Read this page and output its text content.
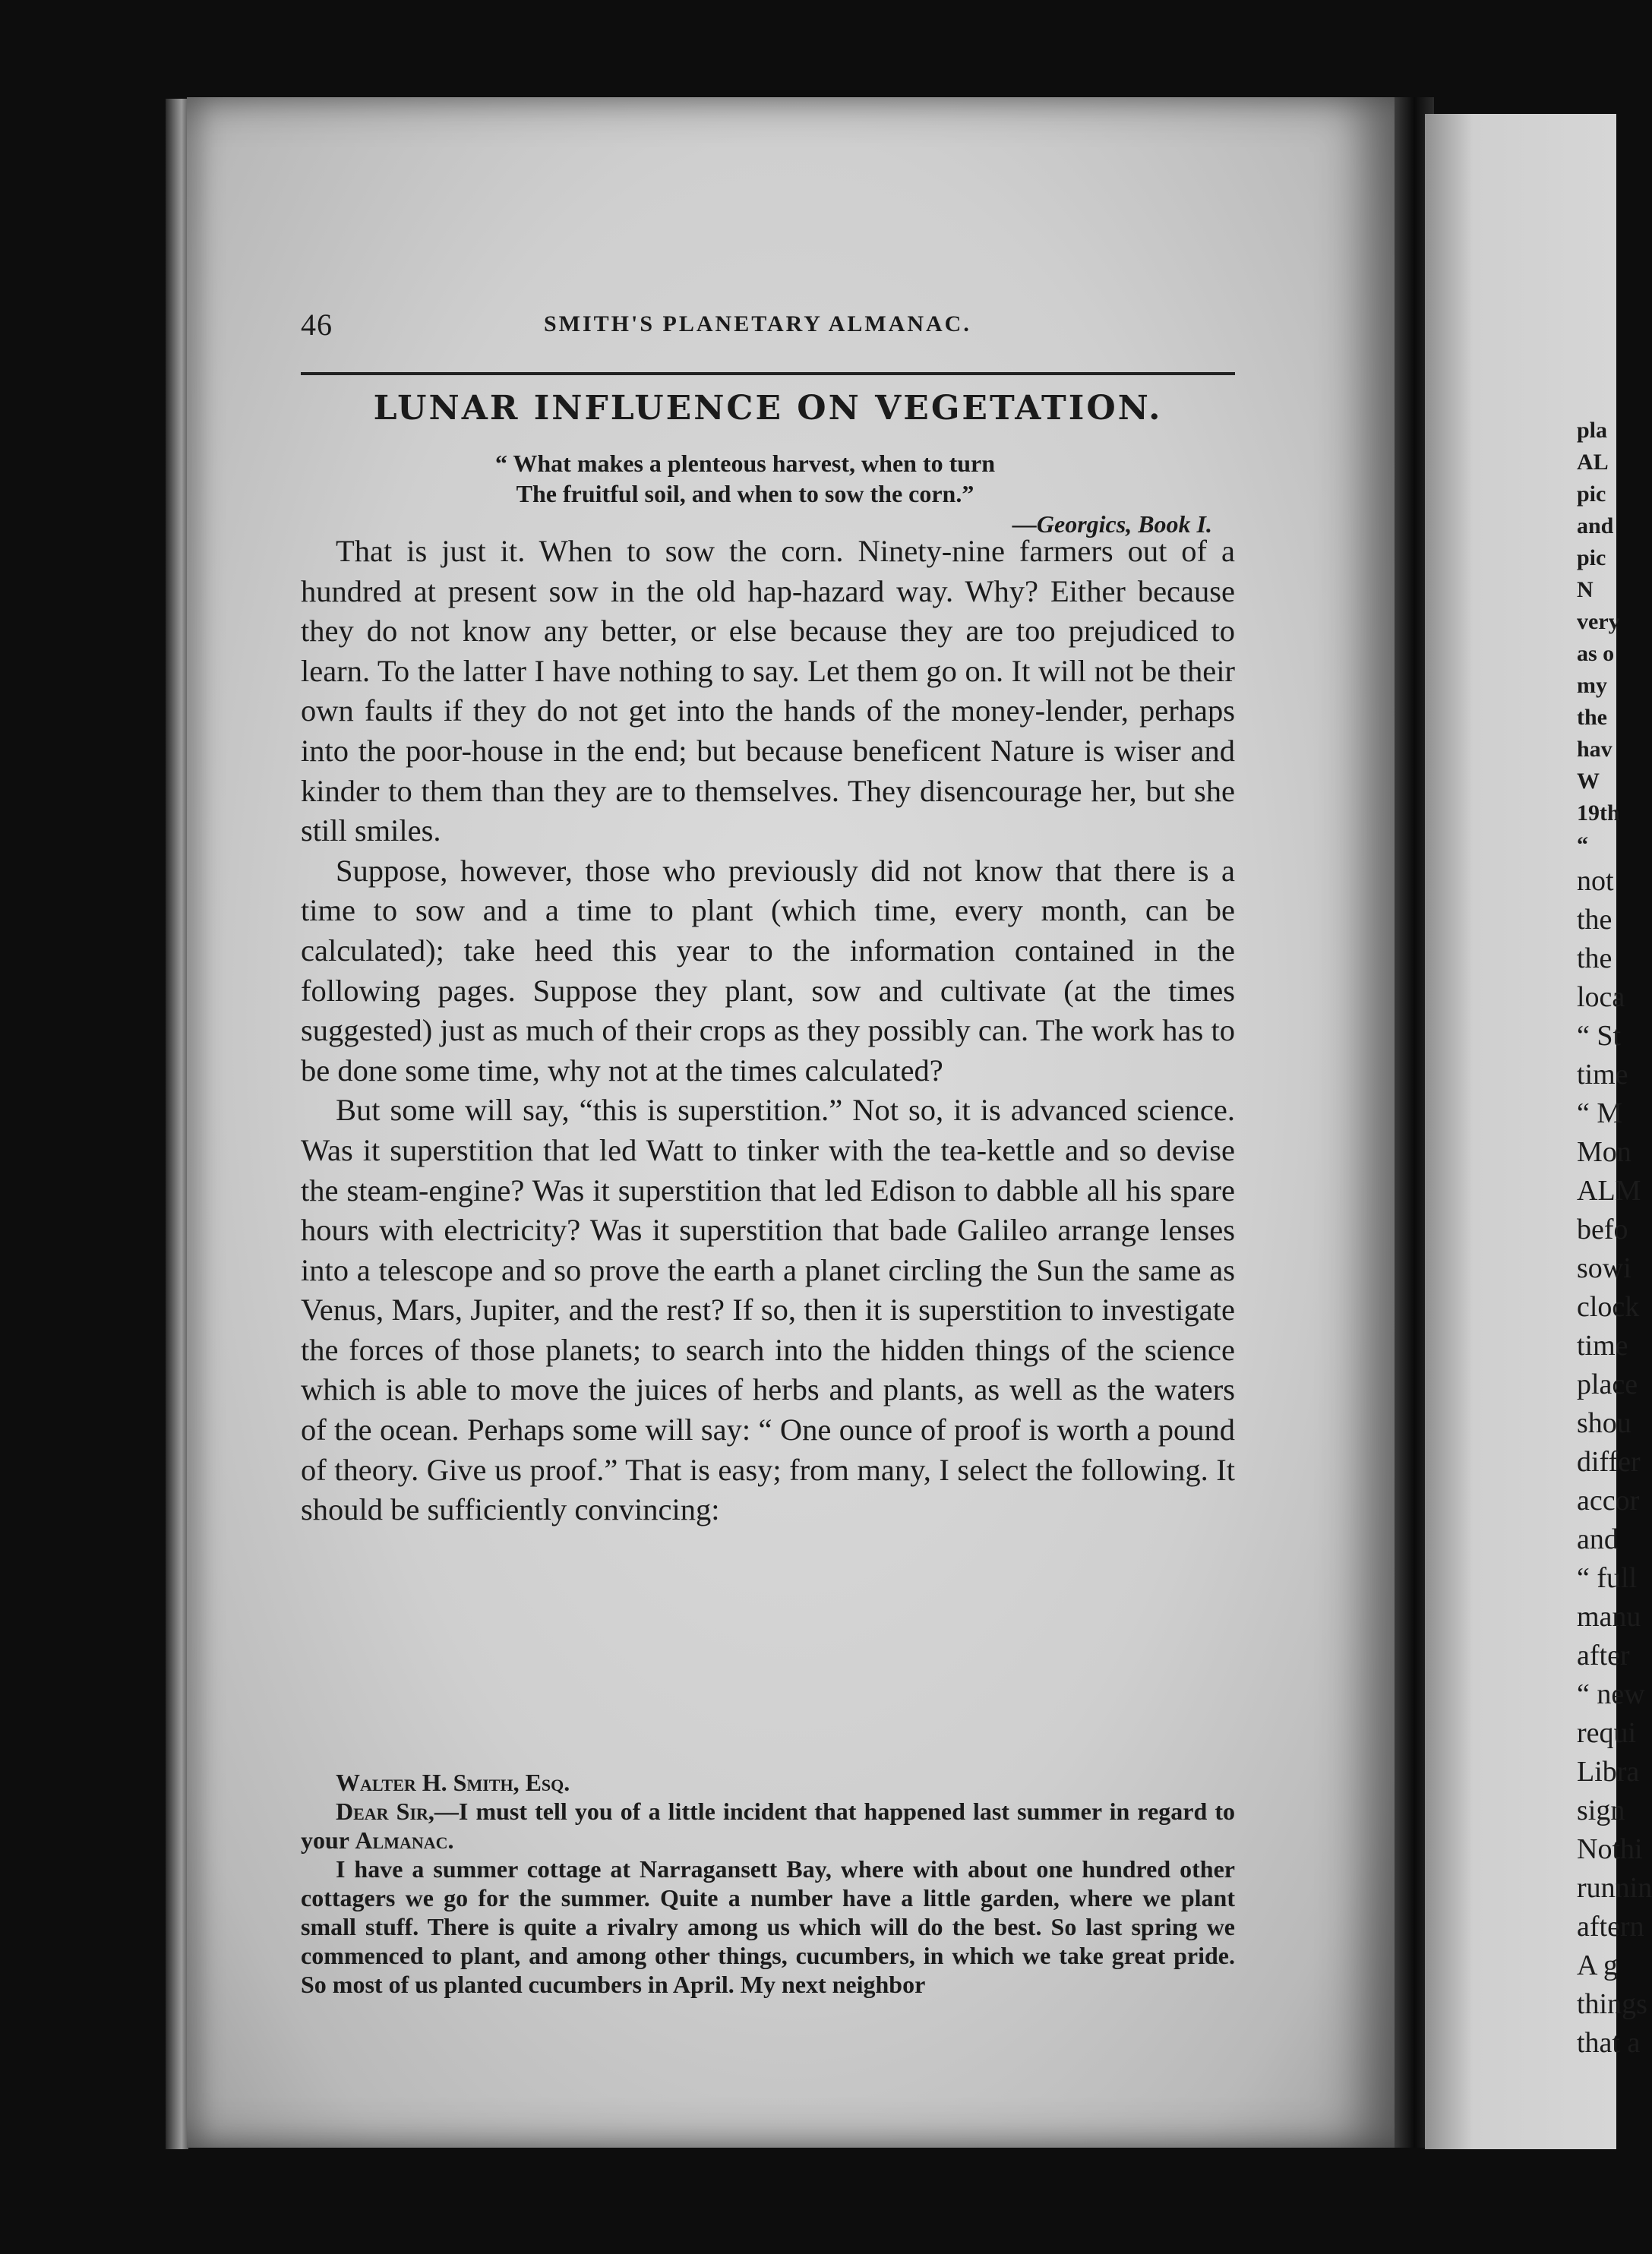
46	SMITH'S PLANETARY ALMANAC.
LUNAR INFLUENCE ON VEGETATION.
“ What makes a plenteous harvest, when to turn
The fruitful soil, and when to sow the corn.”
—Georgics, Book I.

That is just it. When to sow the corn. Ninety-nine farmers out of a hundred at present sow in the old hap-hazard way. Why? Either because they do not know any better, or else because they are too prejudiced to learn. To the latter I have nothing to say. Let them go on. It will not be their own faults if they do not get into the hands of the money-lender, perhaps into the poor-house in the end; but because beneficent Nature is wiser and kinder to them than they are to themselves. They disencourage her, but she still smiles.

Suppose, however, those who previously did not know that there is a time to sow and a time to plant (which time, every month, can be calculated); take heed this year to the information contained in the following pages. Suppose they plant, sow and cultivate (at the times suggested) just as much of their crops as they possibly can. The work has to be done some time, why not at the times calculated?

But some will say, “this is superstition.” Not so, it is advanced science. Was it superstition that led Watt to tinker with the tea-kettle and so devise the steam-engine? Was it superstition that led Edison to dabble all his spare hours with electricity? Was it superstition that bade Galileo arrange lenses into a telescope and so prove the earth a planet circling the Sun the same as Venus, Mars, Jupiter, and the rest? If so, then it is superstition to investigate the forces of those planets; to search into the hidden things of the science which is able to move the juices of herbs and plants, as well as the waters of the ocean. Perhaps some will say: “ One ounce of proof is worth a pound of theory. Give us proof.” That is easy; from many, I select the following. It should be sufficiently convincing:

Walter H. Smith, Esq.

Dear Sir,—I must tell you of a little incident that happened last summer in regard to your Almanac.

I have a summer cottage at Narragansett Bay, where with about one hundred other cottagers we go for the summer. Quite a number have a little garden, where we plant small stuff. There is quite a rivalry among us which will do the best. So last spring we commenced to plant, and among other things, cucumbers, in which we take great pride. So most of us planted cucumbers in April. My next neighbor

pla
AL
pic
and
pic
N
very
as o
my
the
hav
W
19th
“
not
the
the
loca
“ St
time
“ M
Mon
ALM
befo
sowi
clock
time
place
shou
differ
accor
and
“ full
manu
after
“ new
requi
Libra
sign
Nothi
runnin
aftern
A g
things
that a
